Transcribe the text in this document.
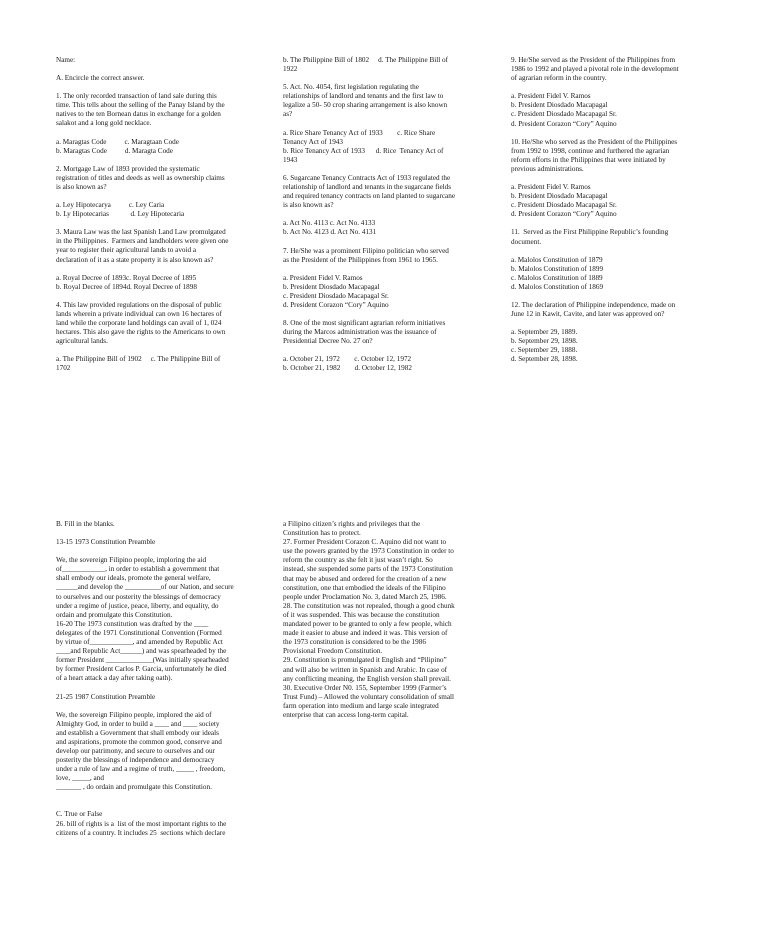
Name:
A. Encircle the correct answer.
1. The only recorded transaction of land sale during this
time. This tells about the selling of the Panay Island by the
natives to the ten Bornean datus in exchange for a golden
salakot and a long gold necklace.
a. Maragtas Code          c. Maragtaan Code
b. Maragtas Code          d. Maragta Code
2. Mortgage Law of 1893 provided the systematic
registration of titles and deeds as well as ownership claims
is also known as?
a. Ley Hipotecarya          c. Ley Caria
b. Ly Hipotecarias            d. Ley Hipotecaria
3. Maura Law was the last Spanish Land Law promulgated
in the Philippines.  Farmers and landholders were given one
year to register their agricultural lands to avoid a
declaration of it as a state property it is also known as?
a. Royal Decree of 1893c. Royal Decree of 1895
b. Royal Decree of 1894d. Royal Decree of 1898
4. This law provided regulations on the disposal of public
lands wherein a private individual can own 16 hectares of
land while the corporate land holdings can avail of 1, 024
hectares. This also gave the rights to the Americans to own
agricultural lands.
a. The Philippine Bill of 1902     c. The Philippine Bill of
1702
b. The Philippine Bill of 1802     d. The Philippine Bill of
1922
5. Act. No. 4054, first legislation regulating the
relationships of landlord and tenants and the first law to
legalize a 50- 50 crop sharing arrangement is also known
as?
a. Rice Share Tenancy Act of 1933        c. Rice Share
Tenancy Act of 1943
b. Rice Tenancy Act of 1933      d. Rice  Tenancy Act of
1943
6. Sugarcane Tenancy Contracts Act of 1933 regulated the
relationship of landlord and tenants in the sugarcane fields
and required tenancy contracts on land planted to sugarcane
is also known as?
a. Act No. 4113 c. Act No. 4133
b. Act No. 4123 d. Act No. 4131
7. He/She was a prominent Filipino politician who served
as the President of the Philippines from 1961 to 1965.
a. President Fidel V. Ramos
b. President Diosdado Macapagal
c. President Diosdado Macapagal Sr.
d. President Corazon “Cory” Aquino
8. One of the most significant agrarian reform initiatives
during the Marcos administration was the issuance of
Presidential Decree No. 27 on?
a. October 21, 1972        c. October 12, 1972
b. October 21, 1982        d. October 12, 1982
9. He/She served as the President of the Philippines from
1986 to 1992 and played a pivotal role in the development
of agrarian reform in the country.
a. President Fidel V. Ramos
b. President Diosdado Macapagal
c. President Diosdado Macapagal Sr.
d. President Corazon “Cory” Aquino
10. He/She who served as the President of the Philippines
from 1992 to 1998, continue and furthered the agrarian
reform efforts in the Philippines that were initiated by
previous administrations.
a. President Fidel V. Ramos
b. President Diosdado Macapagal
c. President Diosdado Macapagal Sr.
d. President Corazon “Cory” Aquino
11.  Served as the First Philippine Republic’s founding
document.
a. Malolos Constitution of 1879
b. Malolos Constitution of 1899
c. Malolos Constitution of 1889
d. Malolos Constitution of 1869
12. The declaration of Philippine independence, made on
June 12 in Kawit, Cavite, and later was approved on?
a. September 29, 1889.
b. September 29, 1898.
c. September 29, 1888.
d. September 28, 1898.
B. Fill in the blanks.
13-15 1973 Constitution Preamble
We, the sovereign Filipino people, imploring the aid
of____________, in order to establish a government that
shall embody our ideals, promote the general welfare,
______and develop the __________of our Nation, and secure
to ourselves and our posterity the blessings of democracy
under a regime of justice, peace, liberty, and equality, do
ordain and promulgate this Constitution.
16-20 The 1973 constitution was drafted by the ____
delegates of the 1971 Constitutional Convention (Formed
by virtue of____________, and amended by Republic Act
____and Republic Act______) and was spearheaded by the
former President _____________(Was initially spearheaded
by former President Carlos P. Garcia, unfortunately he died
of a heart attack a day after taking oath).
21-25 1987 Constitution Preamble
We, the sovereign Filipino people, implored the aid of
Almighty God, in order to build a ____ and ____ society
and establish a Government that shall embody our ideals
and aspirations, promote the common good, conserve and
develop our patrimony, and secure to ourselves and our
posterity the blessings of independence and democracy
under a rule of law and a regime of truth, _____ , freedom,
love, _____, and
_______ , do ordain and promulgate this Constitution.
C. True or False
26. bill of rights is a  list of the most important rights to the
citizens of a country. It includes 25  sections which declare
a Filipino citizen’s rights and privileges that the
Constitution has to protect.
27. Former President Corazon C. Aquino did not want to
use the powers granted by the 1973 Constitution in order to
reform the country as she felt it just wasn’t right. So
instead, she suspended some parts of the 1973 Constitution
that may be abused and ordered for the creation of a new
constitution, one that embodied the ideals of the Filipino
people under Proclamation No. 3, dated March 25, 1986.
28. The constitution was not repealed, though a good chunk
of it was suspended. This was because the constitution
mandated power to be granted to only a few people, which
made it easier to abuse and indeed it was. This version of
the 1973 constitution is considered to be the 1986
Provisional Freedom Constitution.
29. Constitution is promulgated it English and “Pilipino”
and will also be written in Spanish and Arabic. In case of
any conflicting meaning, the English version shall prevail.
30. Executive Order N0. 155, September 1999 (Farmer’s
Trust Fund) – Allowed the voluntary consolidation of small
farm operation into medium and large scale integrated
enterprise that can access long-term capital.
